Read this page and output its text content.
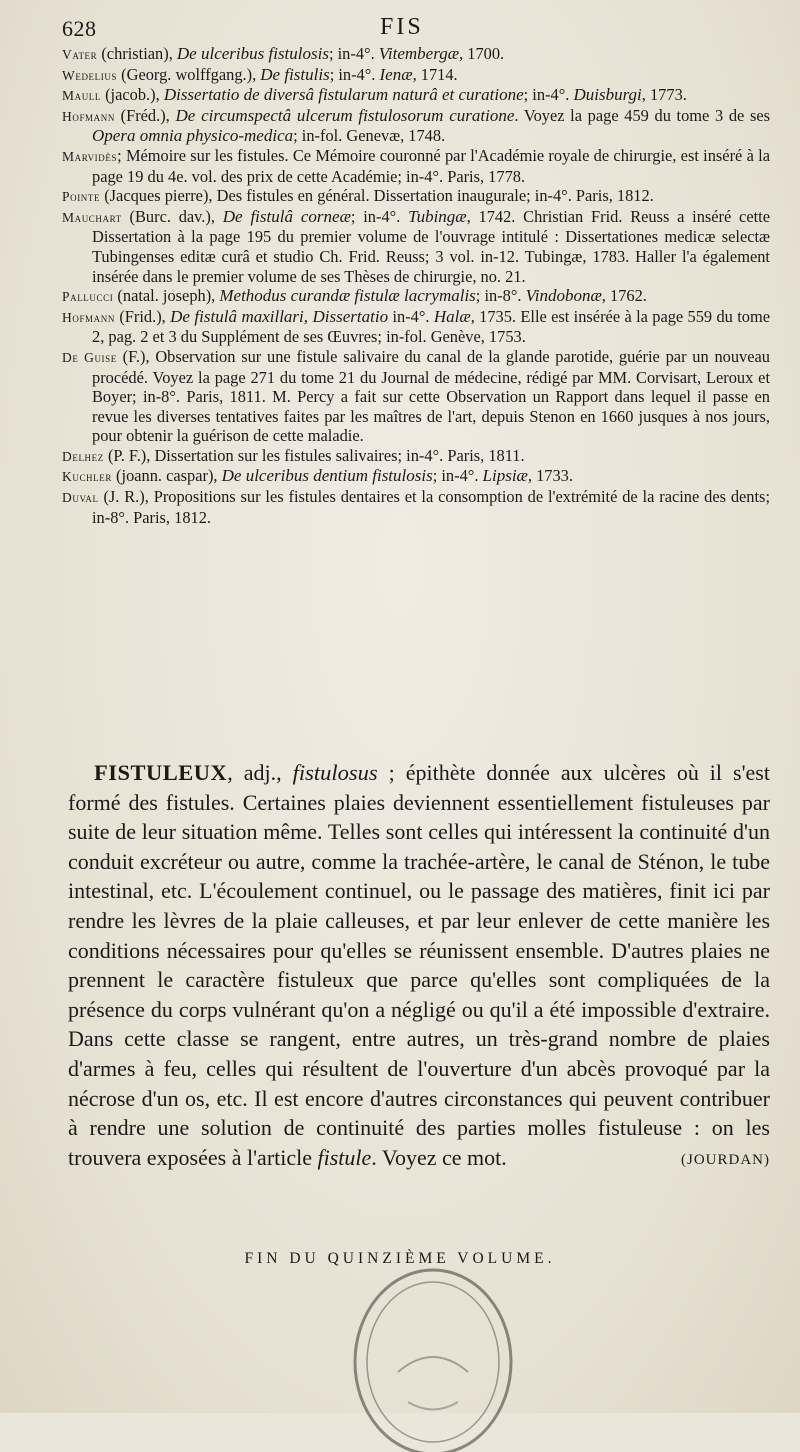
628	FIS

Vater (christian), De ulceribus fistulosis; in-4°. Vitembergæ, 1700.

Wedelius (Georg. wolffgang.), De fistulis; in-4°. Ienæ, 1714.

Maull (jacob.), Dissertatio de diversâ fistularum naturâ et curatione; in-4°. Duisburgi, 1773.

Hofmann (Fréd.), De circumspectâ ulcerum fistulosorum curatione. Voyez la page 459 du tome 3 de ses Opera omnia physico-medica; in-fol. Genevæ, 1748.

Marvidès; Mémoire sur les fistules. Ce Mémoire couronné par l'Académie royale de chirurgie, est inséré à la page 19 du 4e. vol. des prix de cette Académie; in-4°. Paris, 1778.

Pointe (Jacques pierre), Des fistules en général. Dissertation inaugurale; in-4°. Paris, 1812.

Mauchart (Burc. dav.), De fistulâ corneæ; in-4°. Tubingæ, 1742. Christian Frid. Reuss a inséré cette Dissertation à la page 195 du premier volume de l'ouvrage intitulé : Dissertationes medicæ selectæ Tubingenses editæ curâ et studio Ch. Frid. Reuss; 3 vol. in-12. Tubingæ, 1783. Haller l'a également insérée dans le premier volume de ses Thèses de chirurgie, no. 21.

Pallucci (natal. joseph), Methodus curandæ fistulæ lacrymalis; in-8°. Vindobonæ, 1762.

Hofmann (Frid.), De fistulâ maxillari, Dissertatio in-4°. Halæ, 1735. Elle est insérée à la page 559 du tome 2, pag. 2 et 3 du Supplément de ses Œuvres; in-fol. Genève, 1753.

De Guise (F.), Observation sur une fistule salivaire du canal de la glande parotide, guérie par un nouveau procédé. Voyez la page 271 du tome 21 du Journal de médecine, rédigé par MM. Corvisart, Leroux et Boyer; in-8°. Paris, 1811. M. Percy a fait sur cette Observation un Rapport dans lequel il passe en revue les diverses tentatives faites par les maîtres de l'art, depuis Stenon en 1660 jusques à nos jours, pour obtenir la guérison de cette maladie.

Delhez (P. F.), Dissertation sur les fistules salivaires; in-4°. Paris, 1811.

Kuchler (joann. caspar), De ulceribus dentium fistulosis; in-4°. Lipsiæ, 1733.

Duval (J. R.), Propositions sur les fistules dentaires et la consomption de l'extrémité de la racine des dents; in-8°. Paris, 1812.

FISTULEUX, adj., fistulosus ; épithète donnée aux ulcères où il s'est formé des fistules. Certaines plaies deviennent essentiellement fistuleuses par suite de leur situation même. Telles sont celles qui intéressent la continuité d'un conduit excréteur ou autre, comme la trachée-artère, le canal de Sténon, le tube intestinal, etc. L'écoulement continuel, ou le passage des matières, finit ici par rendre les lèvres de la plaie calleuses, et par leur enlever de cette manière les conditions nécessaires pour qu'elles se réunissent ensemble. D'autres plaies ne prennent le caractère fistuleux que parce qu'elles sont compliquées de la présence du corps vulnérant qu'on a négligé ou qu'il a été impossible d'extraire. Dans cette classe se rangent, entre autres, un très-grand nombre de plaies d'armes à feu, celles qui résultent de l'ouverture d'un abcès provoqué par la nécrose d'un os, etc. Il est encore d'autres circonstances qui peuvent contribuer à rendre une solution de continuité des parties molles fistuleuse : on les trouvera exposées à l'article fistule. Voyez ce mot.	(JOURDAN)
FIN DU QUINZIÈME VOLUME.
